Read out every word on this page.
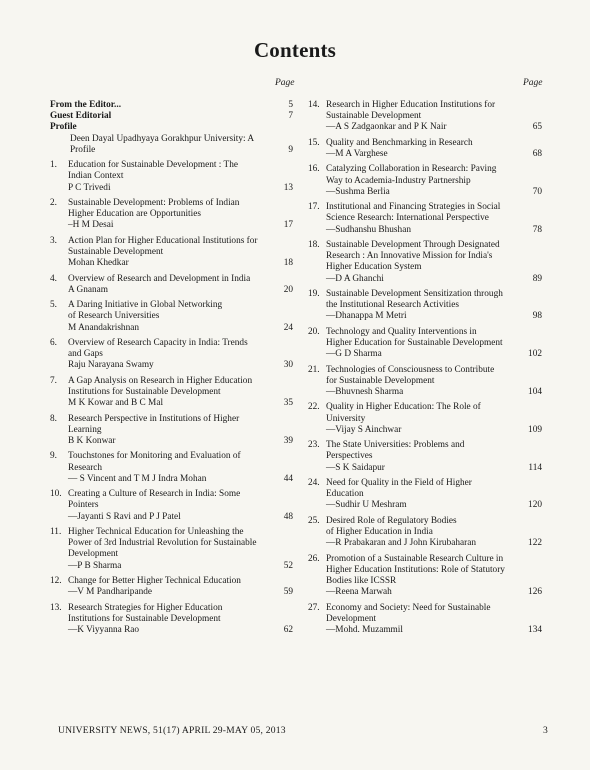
Contents
Page	Page
From the Editor...	5
Guest Editorial	7
Profile
Deen Dayal Upadhyaya Gorakhpur University: A Profile	9
1. Education for Sustainable Development : The
Indian Context
P C Trivedi	13
2. Sustainable Development: Problems of Indian
Higher Education are Opportunities
–H M Desai	17
3. Action Plan for Higher Educational Institutions for
Sustainable Development
Mohan Khedkar	18
4. Overview of Research and Development in India
A Gnanam	20
5. A Daring Initiative in Global Networking
of Research Universities
M Anandakrishnan	24
6. Overview of Research Capacity in India: Trends
and Gaps
Raju Narayana Swamy	30
7. A Gap Analysis on Research in Higher Education
Institutions for Sustainable Development
M K Kowar and B C Mal	35
8. Research Perspective in Institutions of Higher
Learning
B K Konwar	39
9. Touchstones for Monitoring and Evaluation of
Research
— S Vincent and T M J Indra Mohan	44
10. Creating a Culture of Research in India: Some
Pointers
—Jayanti S Ravi and P J Patel	48
11. Higher Technical Education for Unleashing the
Power of 3rd Industrial Revolution for Sustainable
Development
—P B Sharma	52
12. Change for Better Higher Technical Education
—V M Pandharipande	59
13. Research Strategies for Higher Education
Institutions for Sustainable Development
—K Viyyanna Rao	62
14. Research in Higher Education Institutions for
Sustainable Development
—A S Zadgaonkar and P K Nair	65
15. Quality and Benchmarking in Research
—M A Varghese	68
16. Catalyzing Collaboration in Research: Paving
Way to Academia-Industry Partnership
—Sushma Berlia	70
17. Institutional and Financing Strategies in Social
Science Research: International Perspective
—Sudhanshu Bhushan	78
18. Sustainable Development Through Designated
Research : An Innovative Mission for India's
Higher Education System
—D A Ghanchi	89
19. Sustainable Development Sensitization through
the Institutional Research Activities
—Dhanappa M Metri	98
20. Technology and Quality Interventions in
Higher Education for Sustainable Development
—G D Sharma	102
21. Technologies of Consciousness to Contribute
for Sustainable Development
—Bhuvnesh Sharma	104
22. Quality in Higher Education: The Role of
University
—Vijay S Ainchwar	109
23. The State Universities: Problems and
Perspectives
—S K Saidapur	114
24. Need for Quality in the Field of Higher
Education
—Sudhir U Meshram	120
25. Desired Role of Regulatory Bodies
of Higher Education in India
—R Prabakaran and J John Kirubaharan	122
26. Promotion of a Sustainable Research Culture in
Higher Education Institutions: Role of Statutory
Bodies like ICSSR
—Reena Marwah	126
27. Economy and Society: Need for Sustainable
Development
—Mohd. Muzammil	134
UNIVERSITY NEWS, 51(17) APRIL 29-MAY 05, 2013	3
